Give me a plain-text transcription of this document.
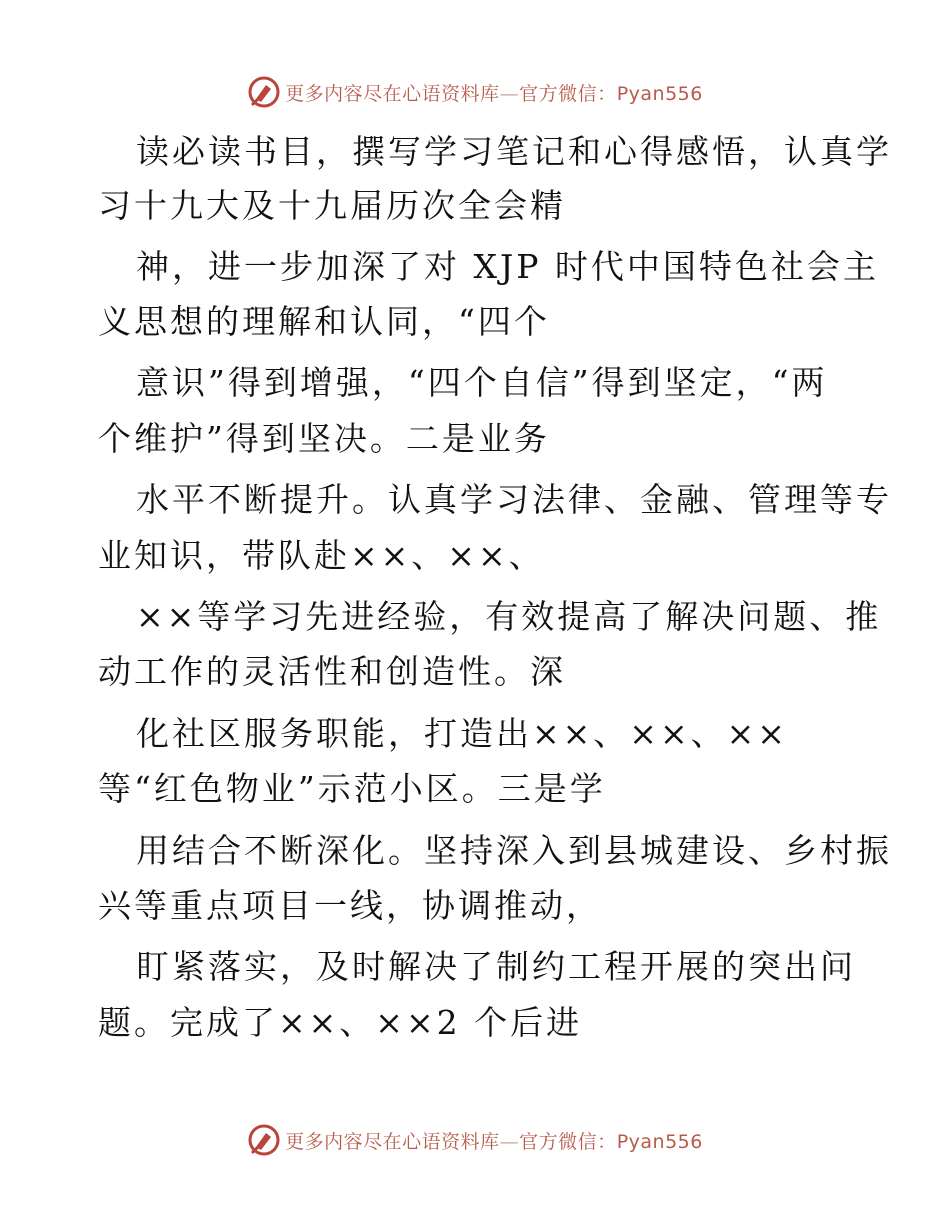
更多内容尽在心语资料库—官方微信：Pyan556
读必读书目，撰写学习笔记和心得感悟，认真学
习十九大及十九届历次全会精
神，进一步加深了对 XJP 时代中国特色社会主
义思想的理解和认同，“四个
意识”得到增强，“四个自信”得到坚定，“两
个维护”得到坚决。二是业务
水平不断提升。认真学习法律、金融、管理等专
业知识，带队赴××、××、
××等学习先进经验，有效提高了解决问题、推
动工作的灵活性和创造性。深
化社区服务职能，打造出××、××、××
等“红色物业”示范小区。三是学
用结合不断深化。坚持深入到县城建设、乡村振
兴等重点项目一线，协调推动，
盯紧落实，及时解决了制约工程开展的突出问
题。完成了××、××2 个后进
更多内容尽在心语资料库—官方微信：Pyan556
